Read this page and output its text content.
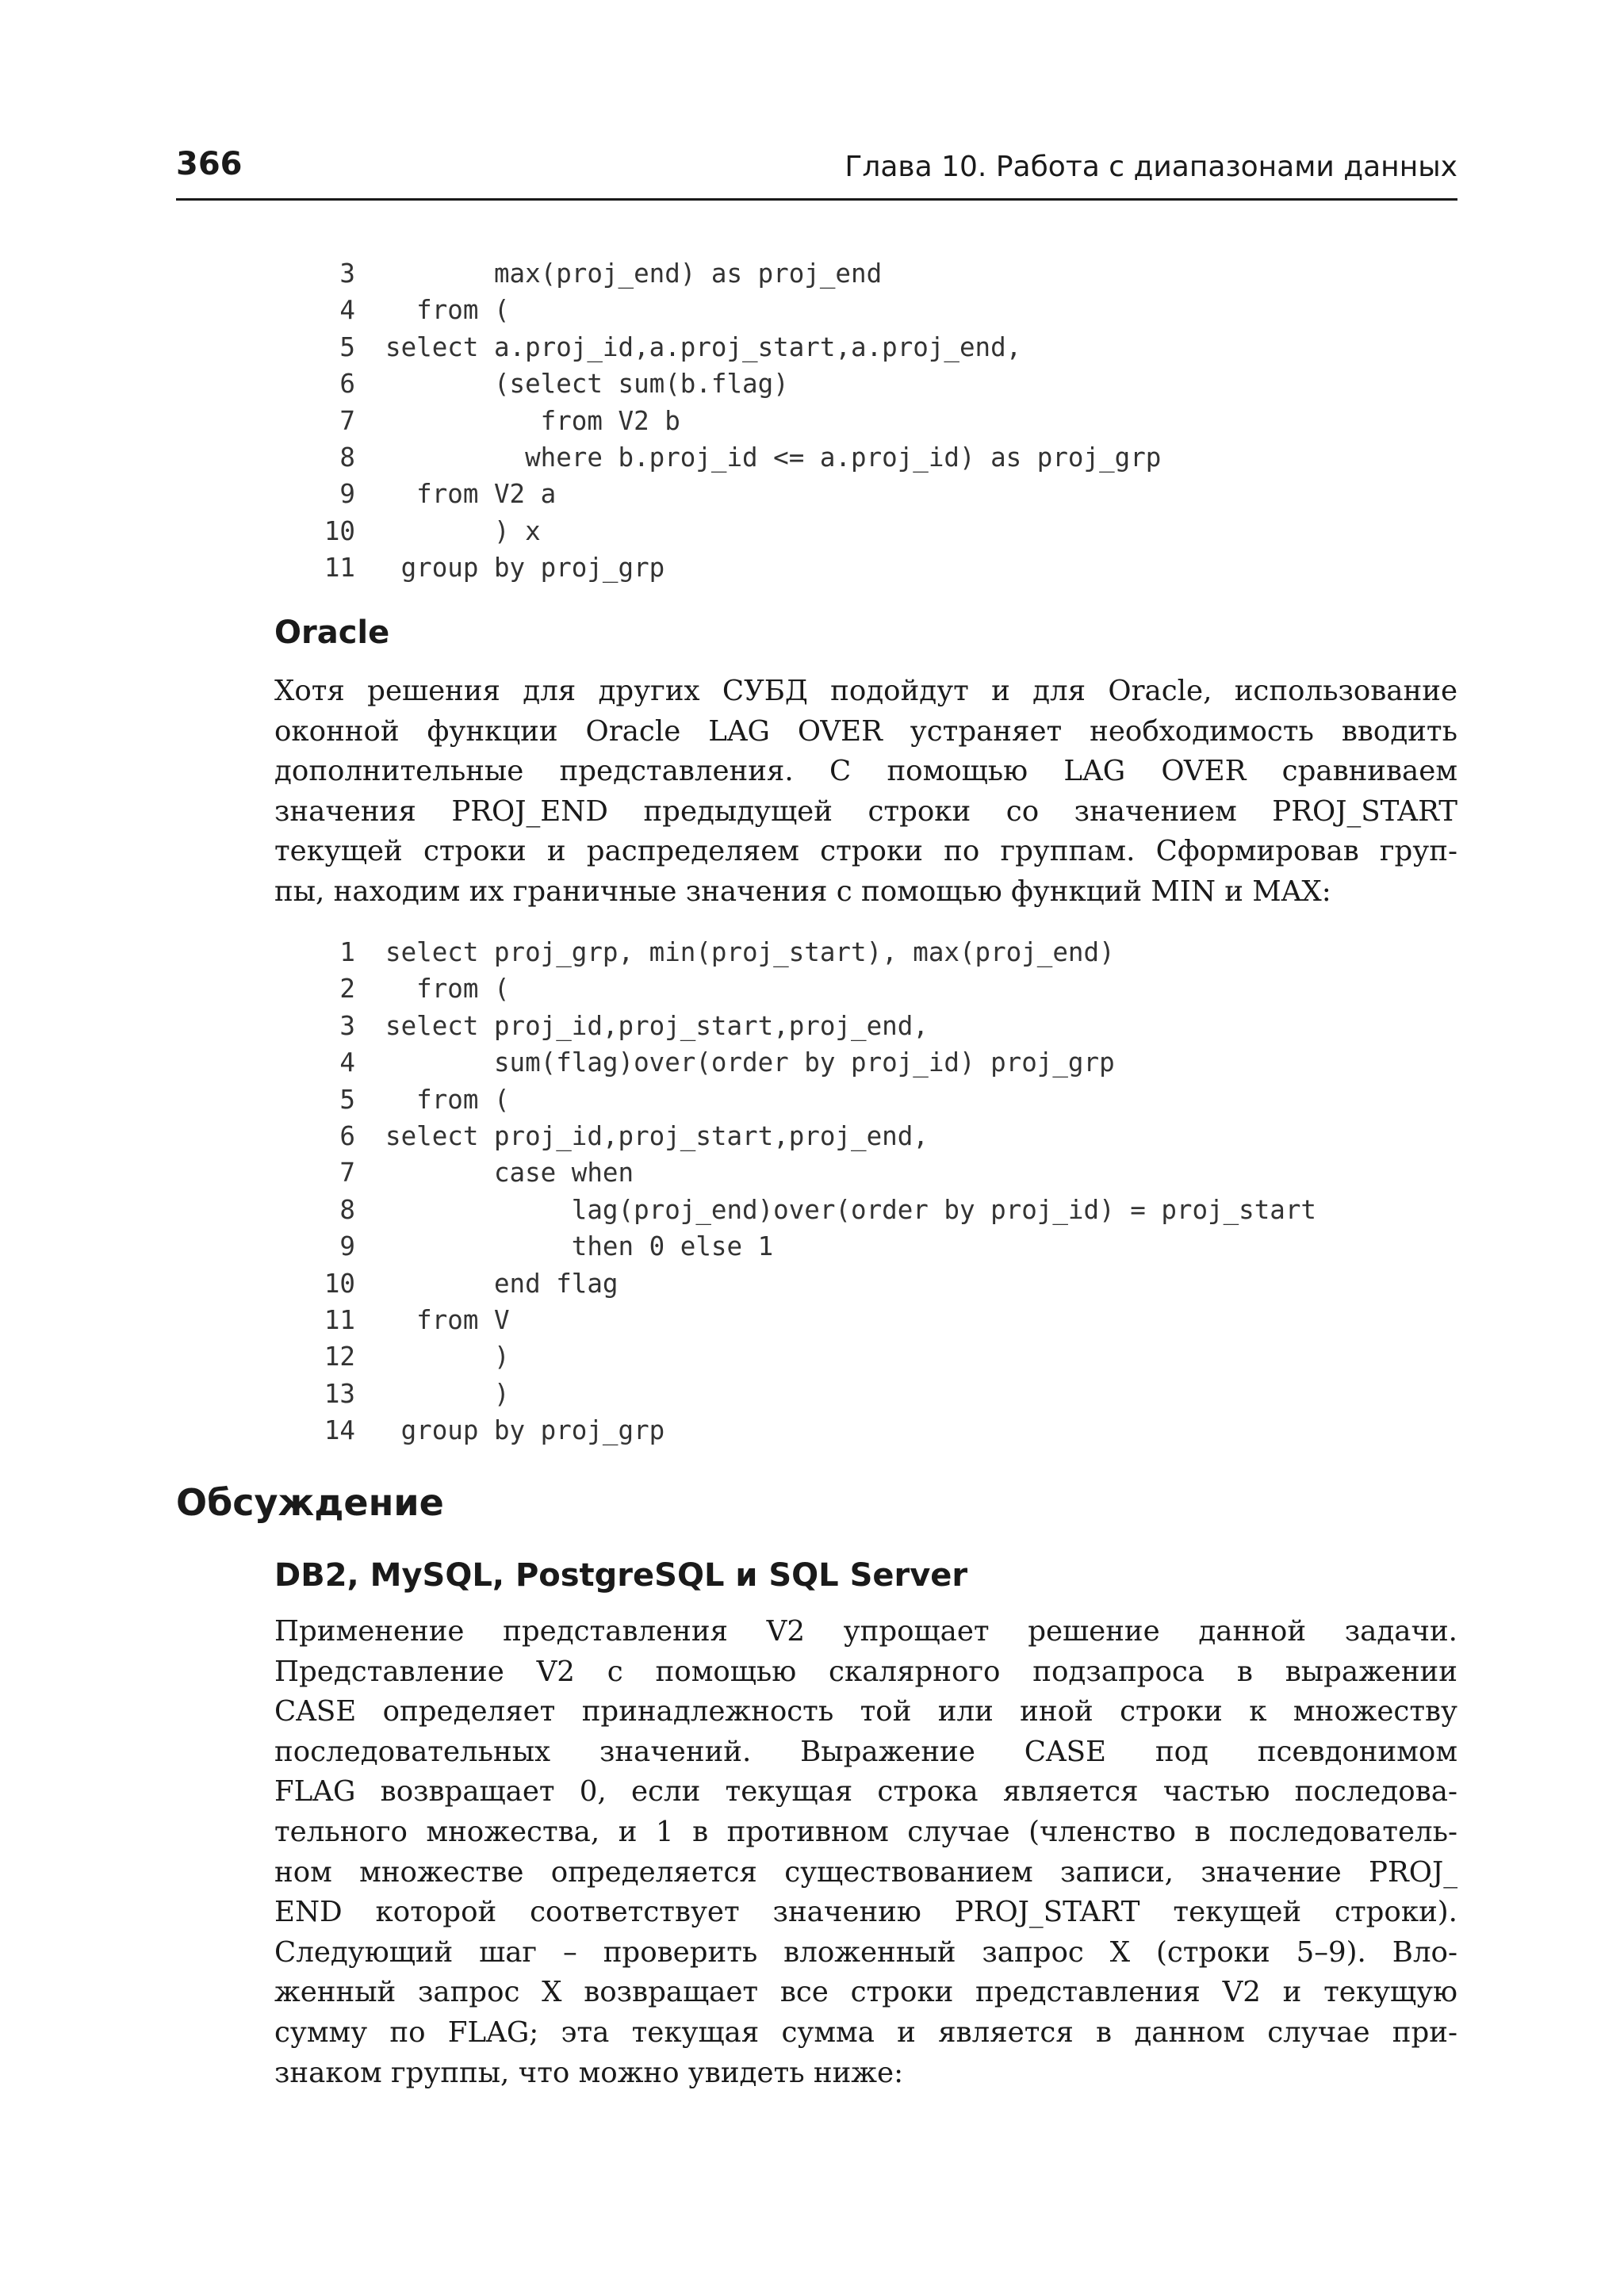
366	Глава 10. Работа с диапазонами данных
3 max(proj_end) as proj_end
4 from (
5 select a.proj_id,a.proj_start,a.proj_end,
6 (select sum(b.flag)
7 from V2 b
8 where b.proj_id <= a.proj_id) as proj_grp
9 from V2 a
10 ) x
11 group by proj_grp
Oracle
Хотя решения для других СУБД подойдут и для Oracle, использование
оконной функции Oracle LAG OVER устраняет необходимость вводить
дополнительные представления. С помощью LAG OVER сравниваем
значения PROJ_END предыдущей строки со значением PROJ_START
текущей строки и распределяем строки по группам. Сформировав груп-
пы, находим их граничные значения с помощью функций MIN и MAX:
1 select proj_grp, min(proj_start), max(proj_end)
2 from (
3 select proj_id,proj_start,proj_end,
4 sum(flag)over(order by proj_id) proj_grp
5 from (
6 select proj_id,proj_start,proj_end,
7 case when
8 lag(proj_end)over(order by proj_id) = proj_start
9 then 0 else 1
10 end flag
11 from V
12 )
13 )
14 group by proj_grp
Обсуждение
DB2, MySQL, PostgreSQL и SQL Server
Применение представления V2 упрощает решение данной задачи.
Представление V2 с помощью скалярного подзапроса в выражении
CASE определяет принадлежность той или иной строки к множеству
последовательных значений. Выражение CASE под псевдонимом
FLAG возвращает 0, если текущая строка является частью последова-
тельного множества, и 1 в противном случае (членство в последователь-
ном множестве определяется существованием записи, значение PROJ_
END которой соответствует значению PROJ_START текущей строки).
Следующий шаг – проверить вложенный запрос X (строки 5–9). Вло-
женный запрос X возвращает все строки представления V2 и текущую
сумму по FLAG; эта текущая сумма и является в данном случае при-
знаком группы, что можно увидеть ниже:
